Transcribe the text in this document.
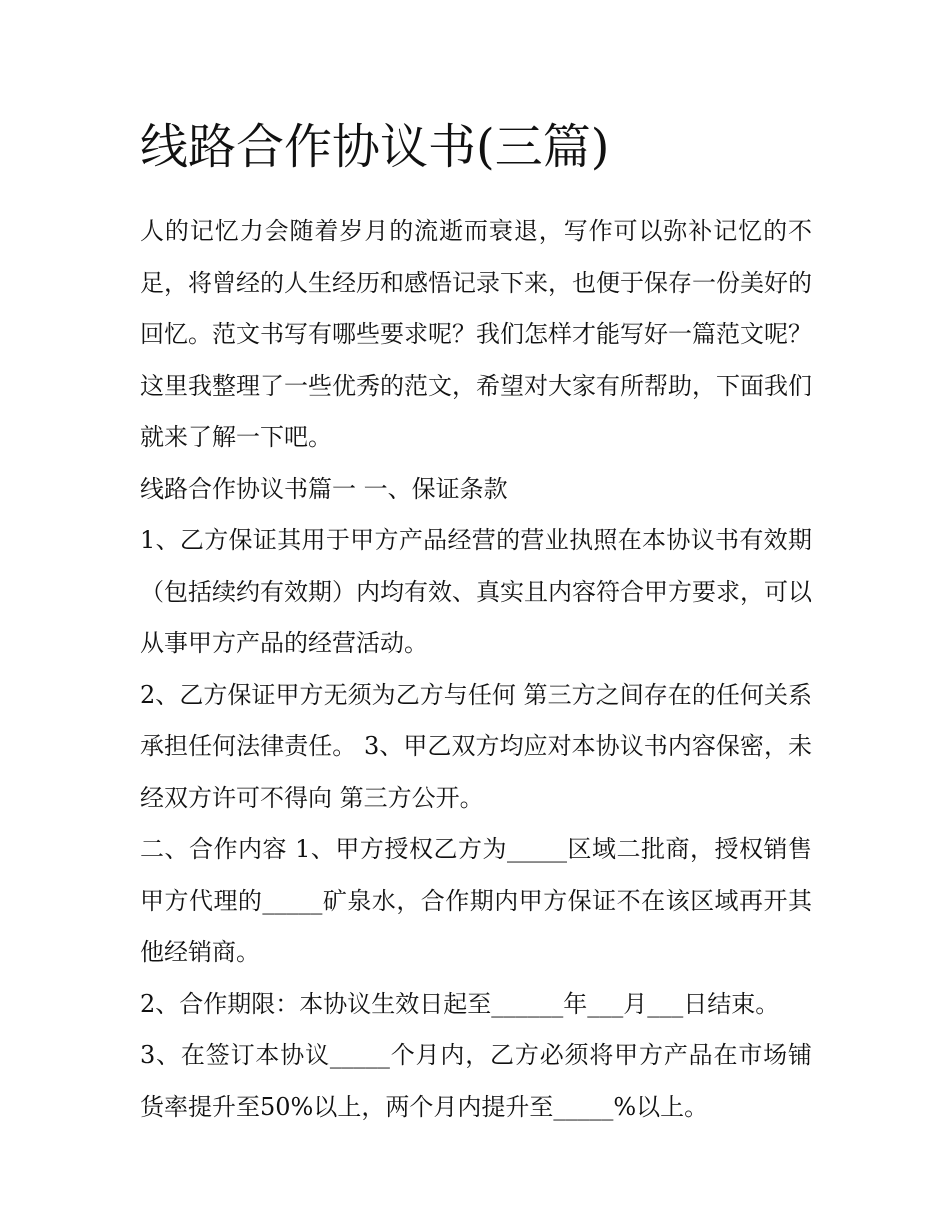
线路合作协议书(三篇)

人的记忆力会随着岁月的流逝而衰退，写作可以弥补记忆的不足，将曾经的人生经历和感悟记录下来，也便于保存一份美好的回忆。范文书写有哪些要求呢？我们怎样才能写好一篇范文呢？这里我整理了一些优秀的范文，希望对大家有所帮助，下面我们就来了解一下吧。

线路合作协议书篇一 一、保证条款

1、乙方保证其用于甲方产品经营的营业执照在本协议书有效期（包括续约有效期）内均有效、真实且内容符合甲方要求，可以从事甲方产品的经营活动。

2、乙方保证甲方无须为乙方与任何 第三方之间存在的任何关系承担任何法律责任。 3、甲乙双方均应对本协议书内容保密，未经双方许可不得向 第三方公开。

二、合作内容 1、甲方授权乙方为_____区域二批商，授权销售甲方代理的_____矿泉水，合作期内甲方保证不在该区域再开其他经销商。

2、合作期限：本协议生效日起至______年___月___日结束。

3、在签订本协议_____个月内，乙方必须将甲方产品在市场铺货率提升至50%以上，两个月内提升至_____%以上。
